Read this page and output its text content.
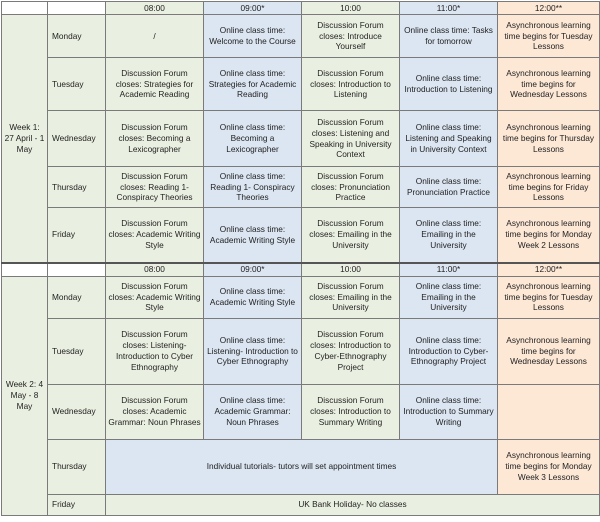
		08:00	09:00*	10:00	11:00*	12:00**
Week 1: 27 April - 1 May	Monday	/	Online class time: Welcome to the Course	Discussion Forum closes: Introduce Yourself	Online class time: Tasks for tomorrow	Asynchronous learning time begins for Tuesday Lessons
	Tuesday	Discussion Forum closes: Strategies for Academic Reading	Online class time: Strategies for Academic Reading	Discussion Forum closes: Introduction to Listening	Online class time: Introduction to Listening	Asynchronous learning time begins for Wednesday Lessons
	Wednesday	Discussion Forum closes: Becoming a Lexicographer	Online class time: Becoming a Lexicographer	Discussion Forum closes: Listening and Speaking in University Context	Online class time: Listening and Speaking in University Context	Asynchronous learning time begins for Thursday Lessons
	Thursday	Discussion Forum closes: Reading 1- Conspiracy Theories	Online class time: Reading 1- Conspiracy Theories	Discussion Forum closes: Pronunciation Practice	Online class time: Pronunciation Practice	Asynchronous learning time begins for Friday Lessons
	Friday	Discussion Forum closes: Academic Writing Style	Online class time: Academic Writing Style	Discussion Forum closes: Emailing in the University	Online class time: Emailing in the University	Asynchronous learning time begins for Monday Week 2 Lessons
		08:00	09:00*	10:00	11:00*	12:00**
Week 2: 4 May - 8 May	Monday	Discussion Forum closes: Academic Writing Style	Online class time: Academic Writing Style	Discussion Forum closes: Emailing in the University	Online class time: Emailing in the University	Asynchronous learning time begins for Tuesday Lessons
	Tuesday	Discussion Forum closes: Listening- Introduction to Cyber Ethnography	Online class time: Listening- Introduction to Cyber Ethnography	Discussion Forum closes: Introduction to Cyber-Ethnography Project	Online class time: Introduction to Cyber-Ethnography Project	Asynchronous learning time begins for Wednesday Lessons
	Wednesday	Discussion Forum closes: Academic Grammar: Noun Phrases	Online class time: Academic Grammar: Noun Phrases	Discussion Forum closes: Introduction to Summary Writing	Online class time: Introduction to Summary Writing	
	Thursday	Individual tutorials- tutors will set appointment times				Asynchronous learning time begins for Monday Week 3 Lessons
	Friday	UK Bank Holiday- No classes				
